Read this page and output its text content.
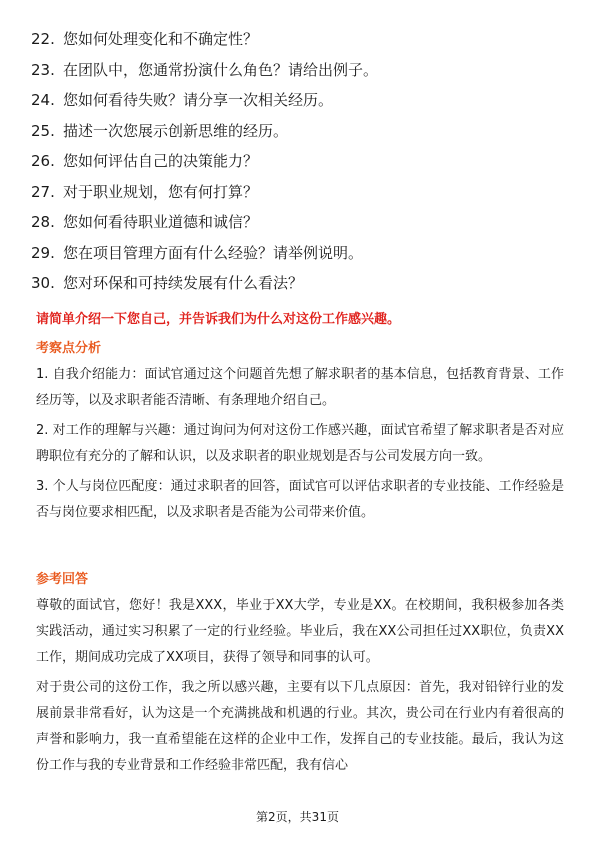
22. 您如何处理变化和不确定性？
23. 在团队中，您通常扮演什么角色？请给出例子。
24. 您如何看待失败？请分享一次相关经历。
25. 描述一次您展示创新思维的经历。
26. 您如何评估自己的决策能力？
27. 对于职业规划，您有何打算？
28. 您如何看待职业道德和诚信？
29. 您在项目管理方面有什么经验？请举例说明。
30. 您对环保和可持续发展有什么看法？
请简单介绍一下您自己，并告诉我们为什么对这份工作感兴趣。
考察点分析

1. 自我介绍能力：面试官通过这个问题首先想了解求职者的基本信息，包括教育背景、工作经历等，以及求职者能否清晰、有条理地介绍自己。

2. 对工作的理解与兴趣：通过询问为何对这份工作感兴趣，面试官希望了解求职者是否对应聘职位有充分的了解和认识，以及求职者的职业规划是否与公司发展方向一致。

3. 个人与岗位匹配度：通过求职者的回答，面试官可以评估求职者的专业技能、工作经验是否与岗位要求相匹配，以及求职者是否能为公司带来价值。

参考回答

尊敬的面试官，您好！我是XXX，毕业于XX大学，专业是XX。在校期间，我积极参加各类实践活动，通过实习积累了一定的行业经验。毕业后，我在XX公司担任过XX职位，负责XX工作，期间成功完成了XX项目，获得了领导和同事的认可。

对于贵公司的这份工作，我之所以感兴趣，主要有以下几点原因：首先，我对铅锌行业的发展前景非常看好，认为这是一个充满挑战和机遇的行业。其次，贵公司在行业内有着很高的声誉和影响力，我一直希望能在这样的企业中工作，发挥自己的专业技能。最后，我认为这份工作与我的专业背景和工作经验非常匹配，我有信心

第2页，共31页
